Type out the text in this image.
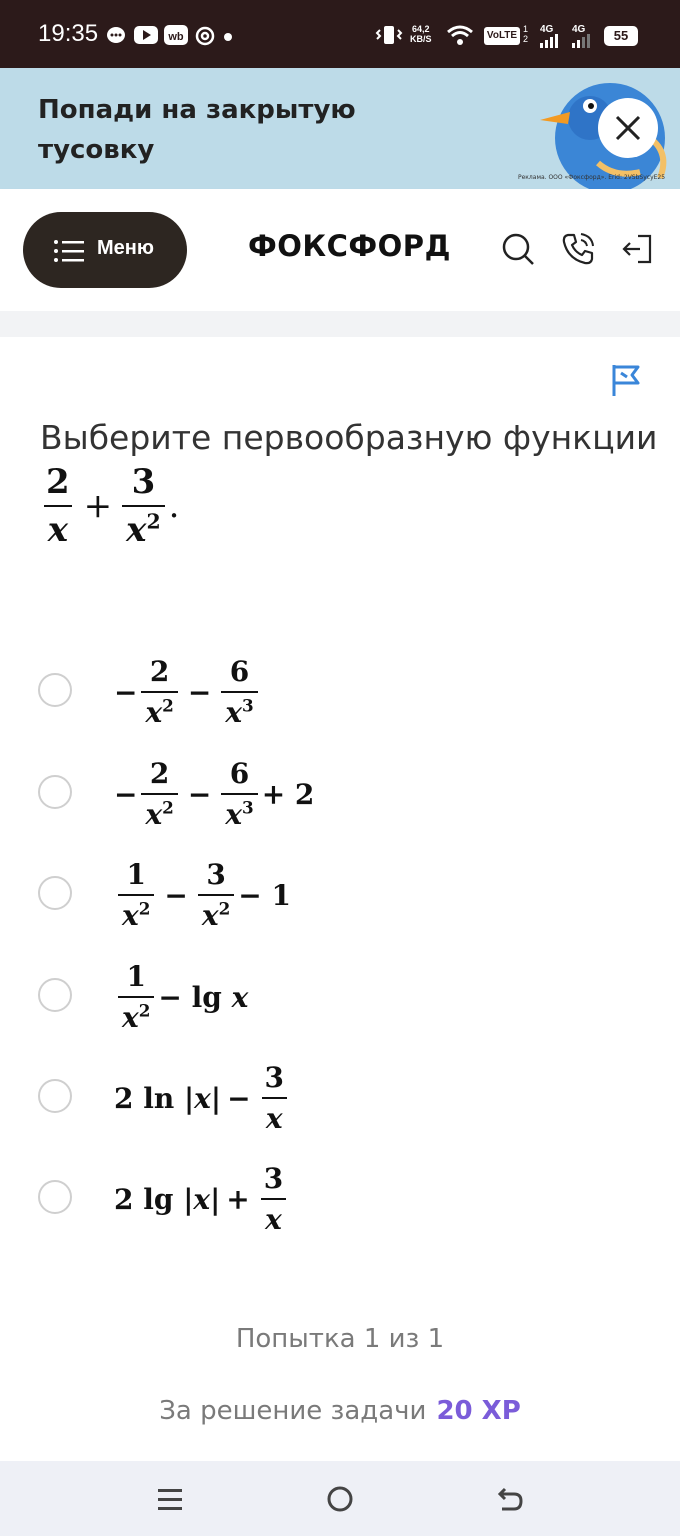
19:35	wb
64,2
KB/S	VoLTE
1
2
4G 4G	55
Попади на закрытую тусовку
Реклама. ООО «Фоксфорд». Erid: 2VSbSycyE25
Меню	ФОКСФОРД
Выберите первообразную функции
$\frac{2}{x} + \frac{3}{x^2}$ .
− $\frac{2}{x^2} - \frac{6}{x^3}$
− $\frac{2}{x^2} - \frac{6}{x^3} + 2$
$\frac{1}{x^2} - \frac{3}{x^2} - 1$
$\frac{1}{x^2} - \lg x$
2 ln | x | − $\frac{3}{x}$
2 lg | x | + $\frac{3}{x}$
Попытка 1 из 1
За решение задачи 20 XP
